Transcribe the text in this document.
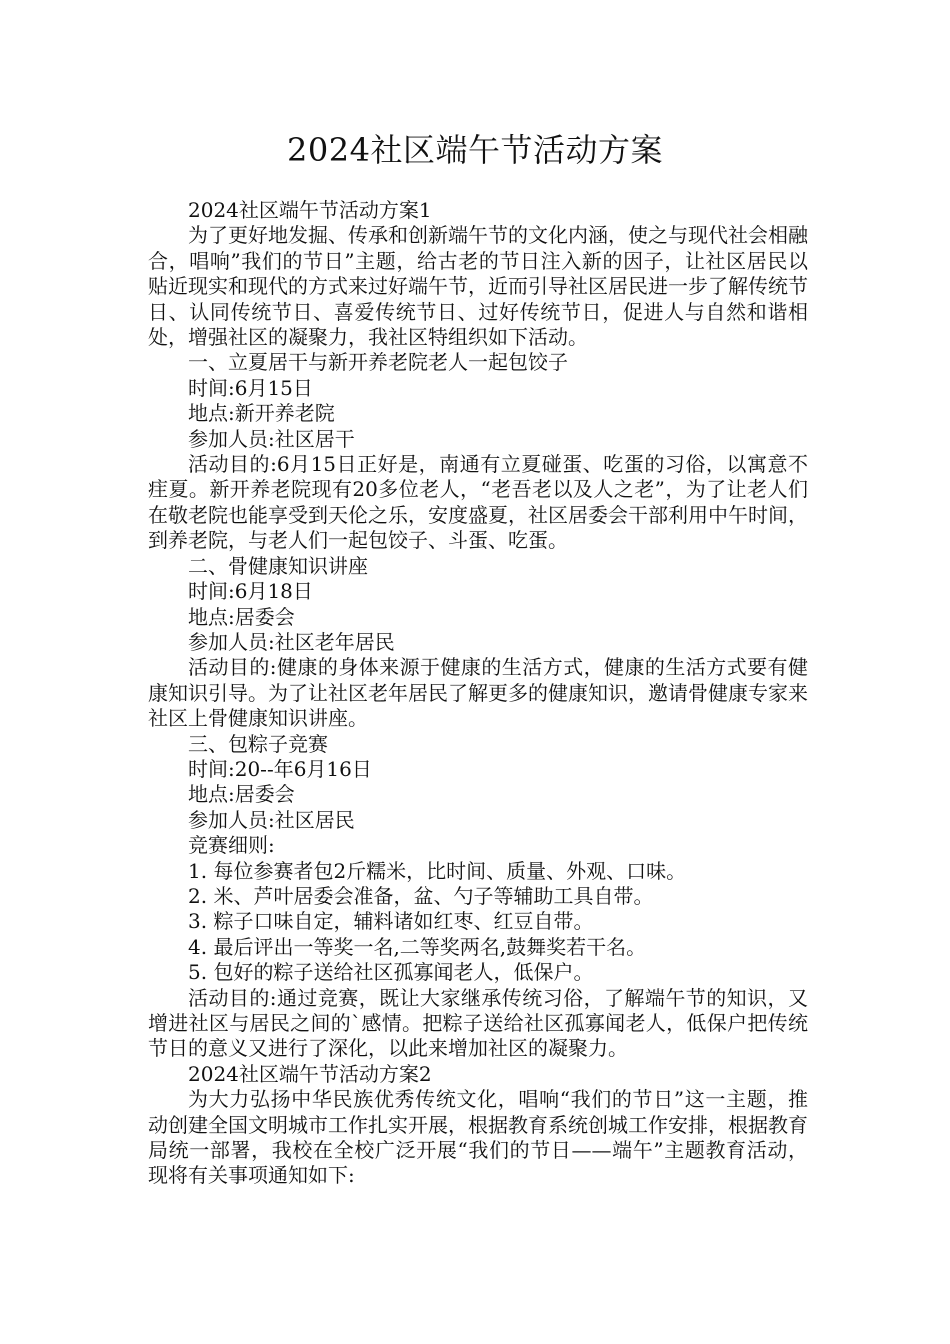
2024社区端午节活动方案

2024社区端午节活动方案1

为了更好地发掘、传承和创新端午节的文化内涵，使之与现代社会相融合，唱响”我们的节日”主题，给古老的节日注入新的因子，让社区居民以贴近现实和现代的方式来过好端午节，近而引导社区居民进一步了解传统节日、认同传统节日、喜爱传统节日、过好传统节日，促进人与自然和谐相处，增强社区的凝聚力，我社区特组织如下活动。

一、立夏居干与新开养老院老人一起包饺子

时间:6月15日

地点:新开养老院

参加人员:社区居干

活动目的:6月15日正好是，南通有立夏碰蛋、吃蛋的习俗，以寓意不疰夏。新开养老院现有20多位老人，“老吾老以及人之老”，为了让老人们在敬老院也能享受到天伦之乐，安度盛夏，社区居委会干部利用中午时间，到养老院，与老人们一起包饺子、斗蛋、吃蛋。

二、骨健康知识讲座

时间:6月18日

地点:居委会

参加人员:社区老年居民

活动目的:健康的身体来源于健康的生活方式，健康的生活方式要有健康知识引导。为了让社区老年居民了解更多的健康知识，邀请骨健康专家来社区上骨健康知识讲座。

三、包粽子竞赛

时间:20--年6月16日

地点:居委会

参加人员:社区居民

竞赛细则:

1. 每位参赛者包2斤糯米，比时间、质量、外观、口味。

2. 米、芦叶居委会准备，盆、勺子等辅助工具自带。

3. 粽子口味自定，辅料诸如红枣、红豆自带。

4. 最后评出一等奖一名,二等奖两名,鼓舞奖若干名。

5. 包好的粽子送给社区孤寡闻老人，低保户。

活动目的:通过竞赛，既让大家继承传统习俗，了解端午节的知识，又增进社区与居民之间的`感情。把粽子送给社区孤寡闻老人，低保户把传统节日的意义又进行了深化，以此来增加社区的凝聚力。

2024社区端午节活动方案2

为大力弘扬中华民族优秀传统文化，唱响“我们的节日”这一主题，推动创建全国文明城市工作扎实开展，根据教育系统创城工作安排，根据教育局统一部署，我校在全校广泛开展“我们的节日——端午”主题教育活动，现将有关事项通知如下:
